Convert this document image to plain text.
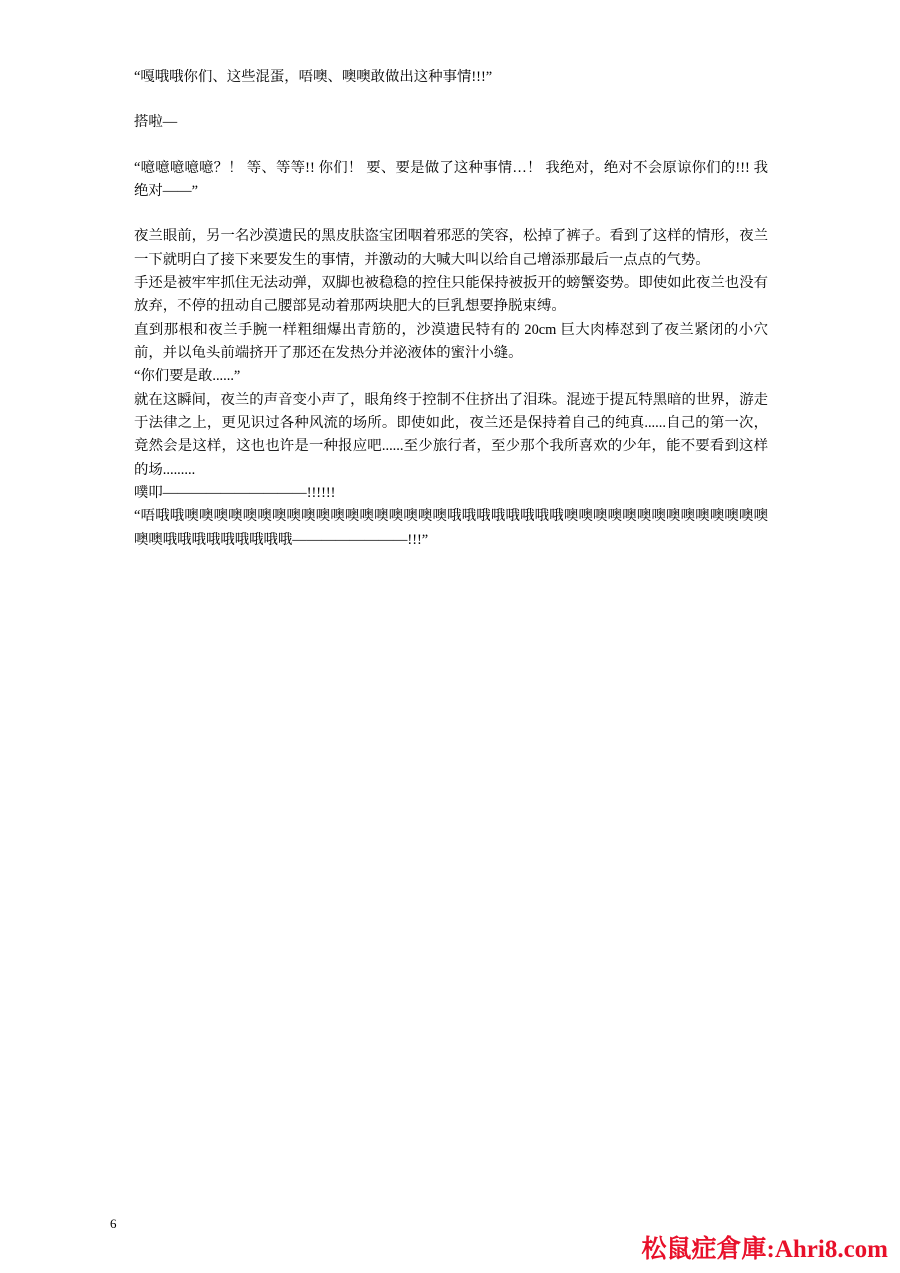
“嘎哦哦你们、这些混蛋，唔噢、噢噢敢做出这种事情!!!”

搭啦—

“噫噫噫噫噫？！ 等、等等!! 你们！ 要、要是做了这种事情…！ 我绝对，绝对不会原谅你们的!!! 我绝对——”

夜兰眼前，另一名沙漠遗民的黑皮肤盗宝团咽着邪恶的笑容，松掉了裤子。看到了这样的情形，夜兰一下就明白了接下来要发生的事情，并激动的大喊大叫以给自己增添那最后一点点的气势。

手还是被牢牢抓住无法动弹，双脚也被稳稳的控住只能保持被扳开的螃蟹姿势。即使如此夜兰也没有放弃，不停的扭动自己腰部晃动着那两块肥大的巨乳想要挣脱束缚。

直到那根和夜兰手腕一样粗细爆出青筋的，沙漠遗民特有的 20cm 巨大肉棒怼到了夜兰紧闭的小穴前，并以龟头前端挤开了那还在发热分并泌液体的蜜汁小缝。

“你们要是敢......”

就在这瞬间，夜兰的声音变小声了，眼角终于控制不住挤出了泪珠。混迹于提瓦特黑暗的世界，游走于法律之上，更见识过各种风流的场所。即使如此，夜兰还是保持着自己的纯真......自己的第一次，竟然会是这样，这也也许是一种报应吧......至少旅行者，至少那个我所喜欢的少年，能不要看到这样的场.........

噗叩——————————!!!!!!

“唔哦哦噢噢噢噢噢噢噢噢噢噢噢噢噢噢噢噢噢噢哦哦哦哦哦哦哦哦噢噢噢噢噢噢噢噢噢噢噢噢噢噢噢噢哦哦哦哦哦哦哦哦哦————————!!!”

6
松鼠症倉庫:Ahri8.com
